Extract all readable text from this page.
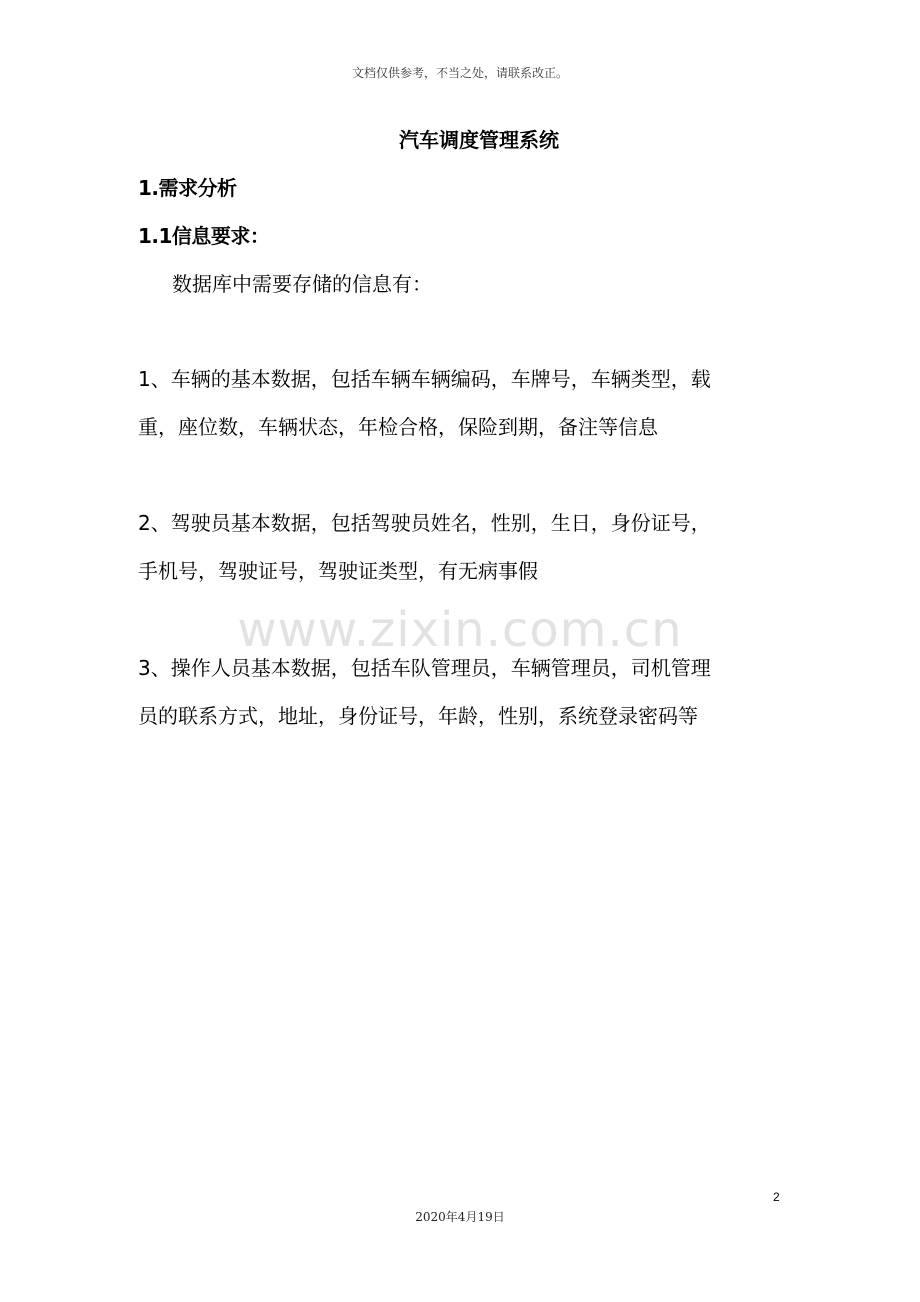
文档仅供参考，不当之处，请联系改正。
汽车调度管理系统
1.需求分析
1.1信息要求：
数据库中需要存储的信息有：
1、车辆的基本数据，包括车辆车辆编码，车牌号，车辆类型，载
重，座位数，车辆状态，年检合格，保险到期，备注等信息
2、驾驶员基本数据，包括驾驶员姓名，性别，生日，身份证号，
手机号，驾驶证号，驾驶证类型，有无病事假
www.zixin.com.cn
3、操作人员基本数据，包括车队管理员，车辆管理员，司机管理
员的联系方式，地址，身份证号，年龄，性别，系统登录密码等
2
2020年4月19日
